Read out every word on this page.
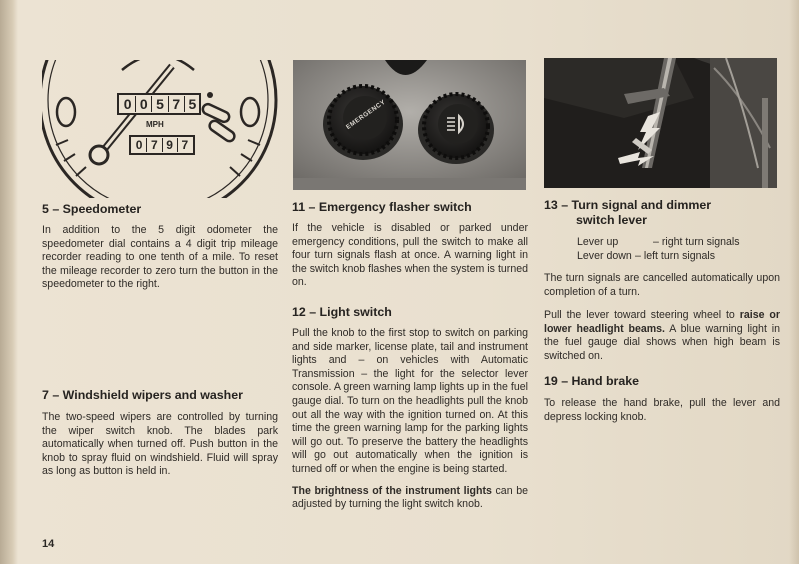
0 0 5 7 5
MPH
0 7 9 7
EMERGENCY

5 – Speedometer

In addition to the 5 digit odometer the speedometer dial contains a 4 digit trip mileage recorder reading to one tenth of a mile. To reset the mileage recorder to zero turn the button in the speedometer to the right.

7 – Windshield wipers and washer

The two-speed wipers are controlled by turning the wiper switch knob. The blades park automatically when turned off. Push button in the knob to spray fluid on windshield. Fluid will spray as long as button is held in.

11 – Emergency flasher switch

If the vehicle is disabled or parked under emergency conditions, pull the switch to make all four turn signals flash at once. A warning light in the switch knob flashes when the system is turned on.

12 – Light switch

Pull the knob to the first stop to switch on parking and side marker, license plate, tail and instrument lights and – on vehicles with Automatic Transmission – the light for the selector lever console. A green warning lamp lights up in the fuel gauge dial. To turn on the headlights pull the knob out all the way with the ignition turned on. At this time the green warning lamp for the parking lights will go out. To preserve the battery the headlights will go out automatically when the ignition is turned off or when the engine is being started.

The brightness of the instrument lights can be adjusted by turning the light switch knob.

13 – Turn signal and dimmer

switch lever

Lever up	– right turn signals
Lever down – left turn signals

The turn signals are cancelled automatically upon completion of a turn.

Pull the lever toward steering wheel to raise or lower headlight beams. A blue warning light in the fuel gauge dial shows when high beam is switched on.

19 – Hand brake

To release the hand brake, pull the lever and depress locking knob.

14
